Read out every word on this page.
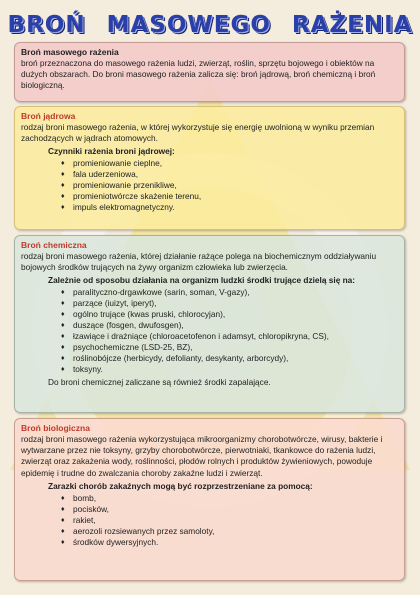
BROŃ MASOWEGO RAŻENIA
Broń masowego rażenia
broń przeznaczona do masowego rażenia ludzi, zwierząt, roślin, sprzętu bojowego i obiektów na dużych obszarach. Do broni masowego rażenia zalicza się: broń jądrową, broń chemiczną i broń biologiczną.
Broń jądrowa
rodzaj broni masowego rażenia, w której wykorzystuje się energię uwolnioną w wyniku przemian zachodzących w jądrach atomowych.
Czynniki rażenia broni jądrowej:
♦ promieniowanie cieplne,
♦ fala uderzeniowa,
♦ promieniowanie przenikliwe,
♦ promieniotwórcze skażenie terenu,
♦ impuls elektromagnetyczny.
Broń chemiczna
rodzaj broni masowego rażenia, której działanie rażące polega na biochemicznym oddziaływaniu bojowych środków trujących na żywy organizm człowieka lub zwierzęcia.
Zależnie od sposobu działania na organizm ludzki środki trujące dzielą się na:
♦ paralityczno-drgawkowe (sarin, soman, V-gazy),
♦ parzące (iuizyt, iperyt),
♦ ogólno trujące (kwas pruski, chlorocyjan),
♦ duszące (fosgen, dwufosgen),
♦ łzawiące i drażniące (chloroacetofenon i adamsyt, chloropikryna, CS),
♦ psychochemiczne (LSD-25, BZ),
♦ roślinobójcze (herbicydy, defolianty, desykanty, arborcydy),
♦ toksyny.
Do broni chemicznej zaliczane są również środki zapalające.
Broń biologiczna
rodzaj broni masowego rażenia wykorzystująca mikroorganizmy chorobotwórcze, wirusy, bakterie i wytwarzane przez nie toksyny, grzyby chorobotwórcze, pierwotniaki, tkankowce do rażenia ludzi, zwierząt oraz zakażenia wody, roślinności, płodów rolnych i produktów żywieniowych, powoduje epidemię i trudne do zwalczania choroby zakaźne ludzi i zwierząt.
Zarazki chorób zakaźnych mogą być rozprzestrzeniane za pomocą:
♦ bomb,
♦ pocisków,
♦ rakiet,
♦ aerozoli rozsiewanych przez samoloty,
♦ środków dywersyjnych.
